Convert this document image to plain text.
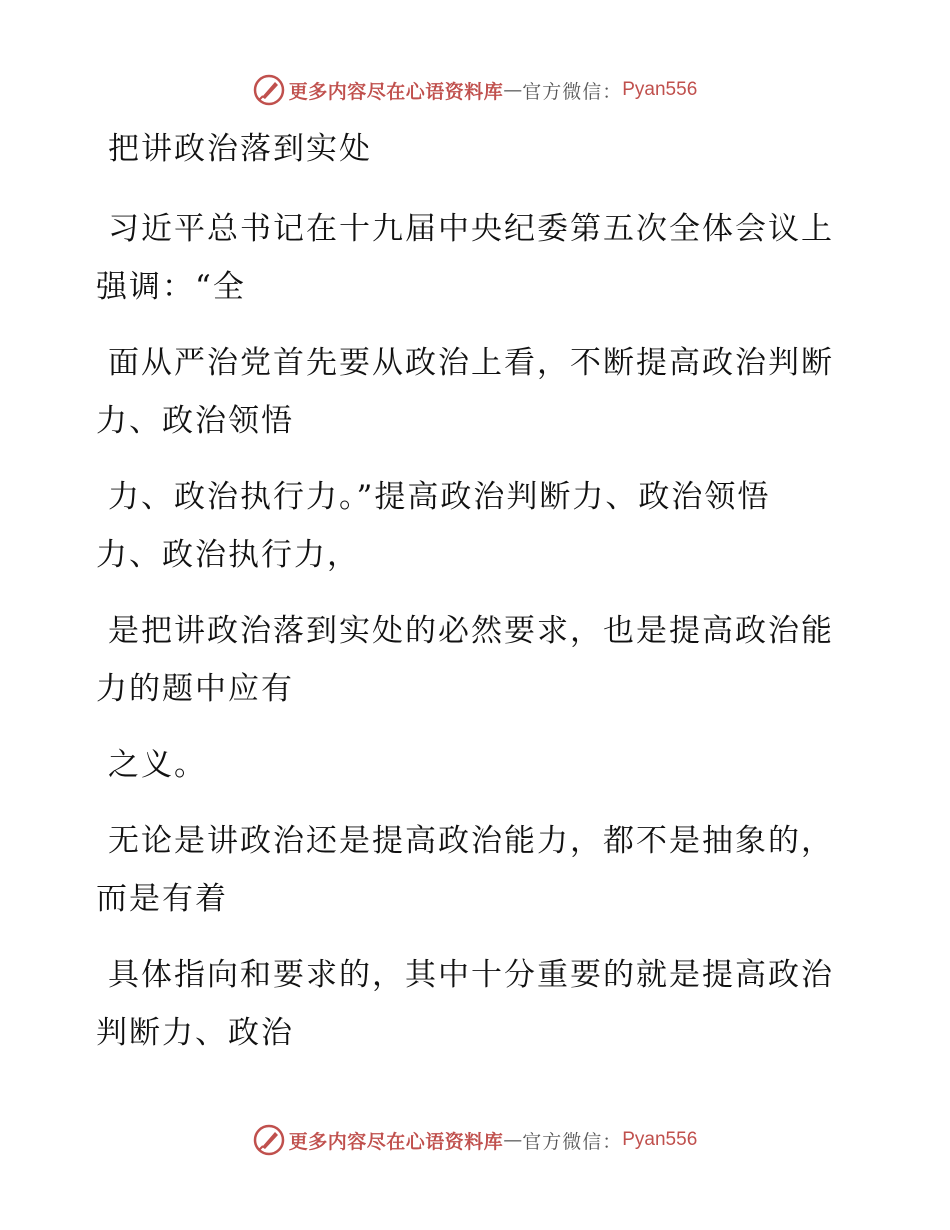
更多内容尽在心语资料库 — 官方微信： Pyan556

把讲政治落到实处

习近平总书记在十九届中央纪委第五次全体会议上强调：“全

面从严治党首先要从政治上看，不断提高政治判断力、政治领悟

力、政治执行力。”提高政治判断力、政治领悟力、政治执行力，

是把讲政治落到实处的必然要求，也是提高政治能力的题中应有

之义。

无论是讲政治还是提高政治能力，都不是抽象的，而是有着

具体指向和要求的，其中十分重要的就是提高政治判断力、政治

更多内容尽在心语资料库 — 官方微信： Pyan556
